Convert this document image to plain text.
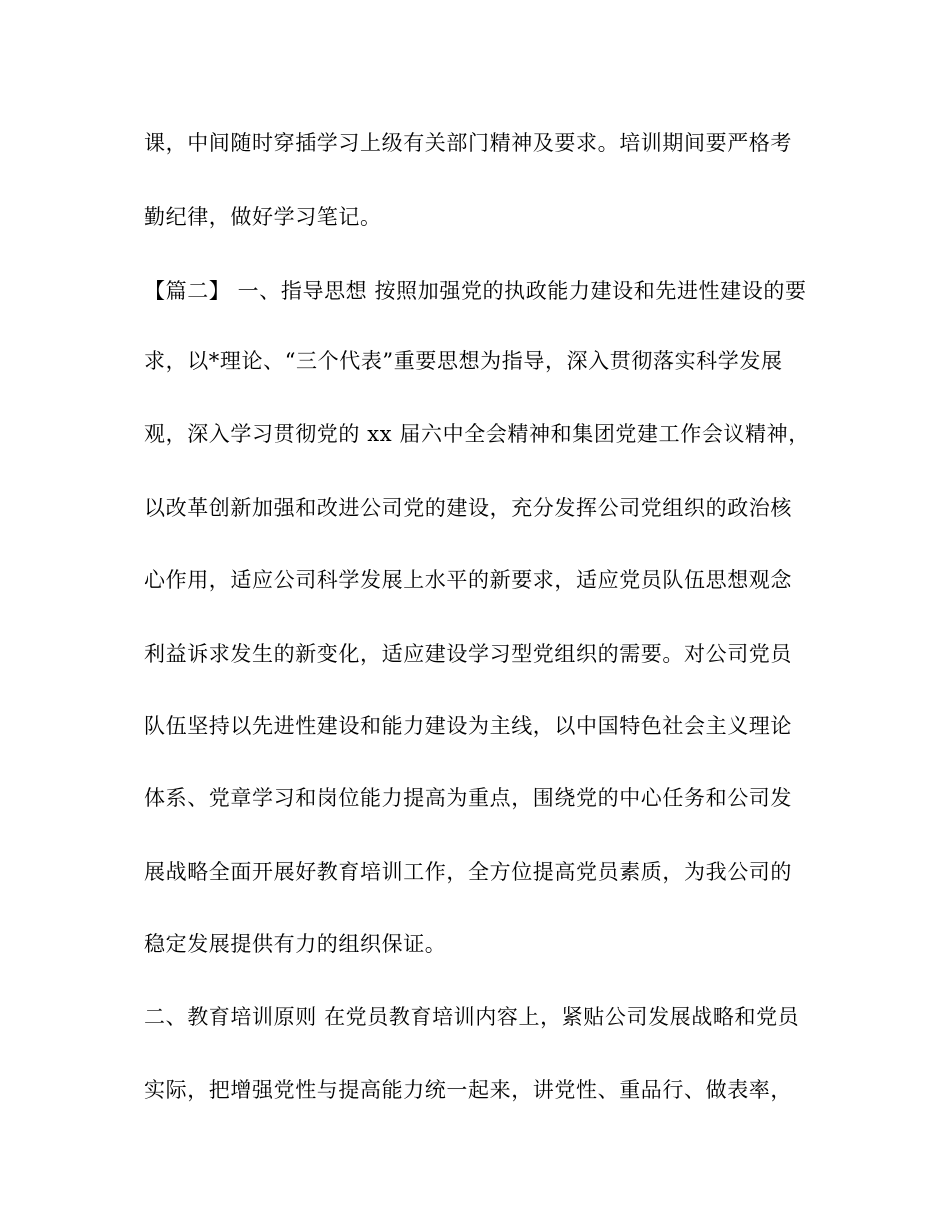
课，中间随时穿插学习上级有关部门精神及要求。培训期间要严格考
勤纪律，做好学习笔记。
【篇二】 一、指导思想 按照加强党的执政能力建设和先进性建设的要
求，以*理论、“三个代表”重要思想为指导，深入贯彻落实科学发展
观，深入学习贯彻党的 xx 届六中全会精神和集团党建工作会议精神，
以改革创新加强和改进公司党的建设，充分发挥公司党组织的政治核
心作用，适应公司科学发展上水平的新要求，适应党员队伍思想观念
利益诉求发生的新变化，适应建设学习型党组织的需要。对公司党员
队伍坚持以先进性建设和能力建设为主线，以中国特色社会主义理论
体系、党章学习和岗位能力提高为重点，围绕党的中心任务和公司发
展战略全面开展好教育培训工作，全方位提高党员素质，为我公司的
稳定发展提供有力的组织保证。
二、教育培训原则 在党员教育培训内容上，紧贴公司发展战略和党员
实际，把增强党性与提高能力统一起来，讲党性、重品行、做表率，
